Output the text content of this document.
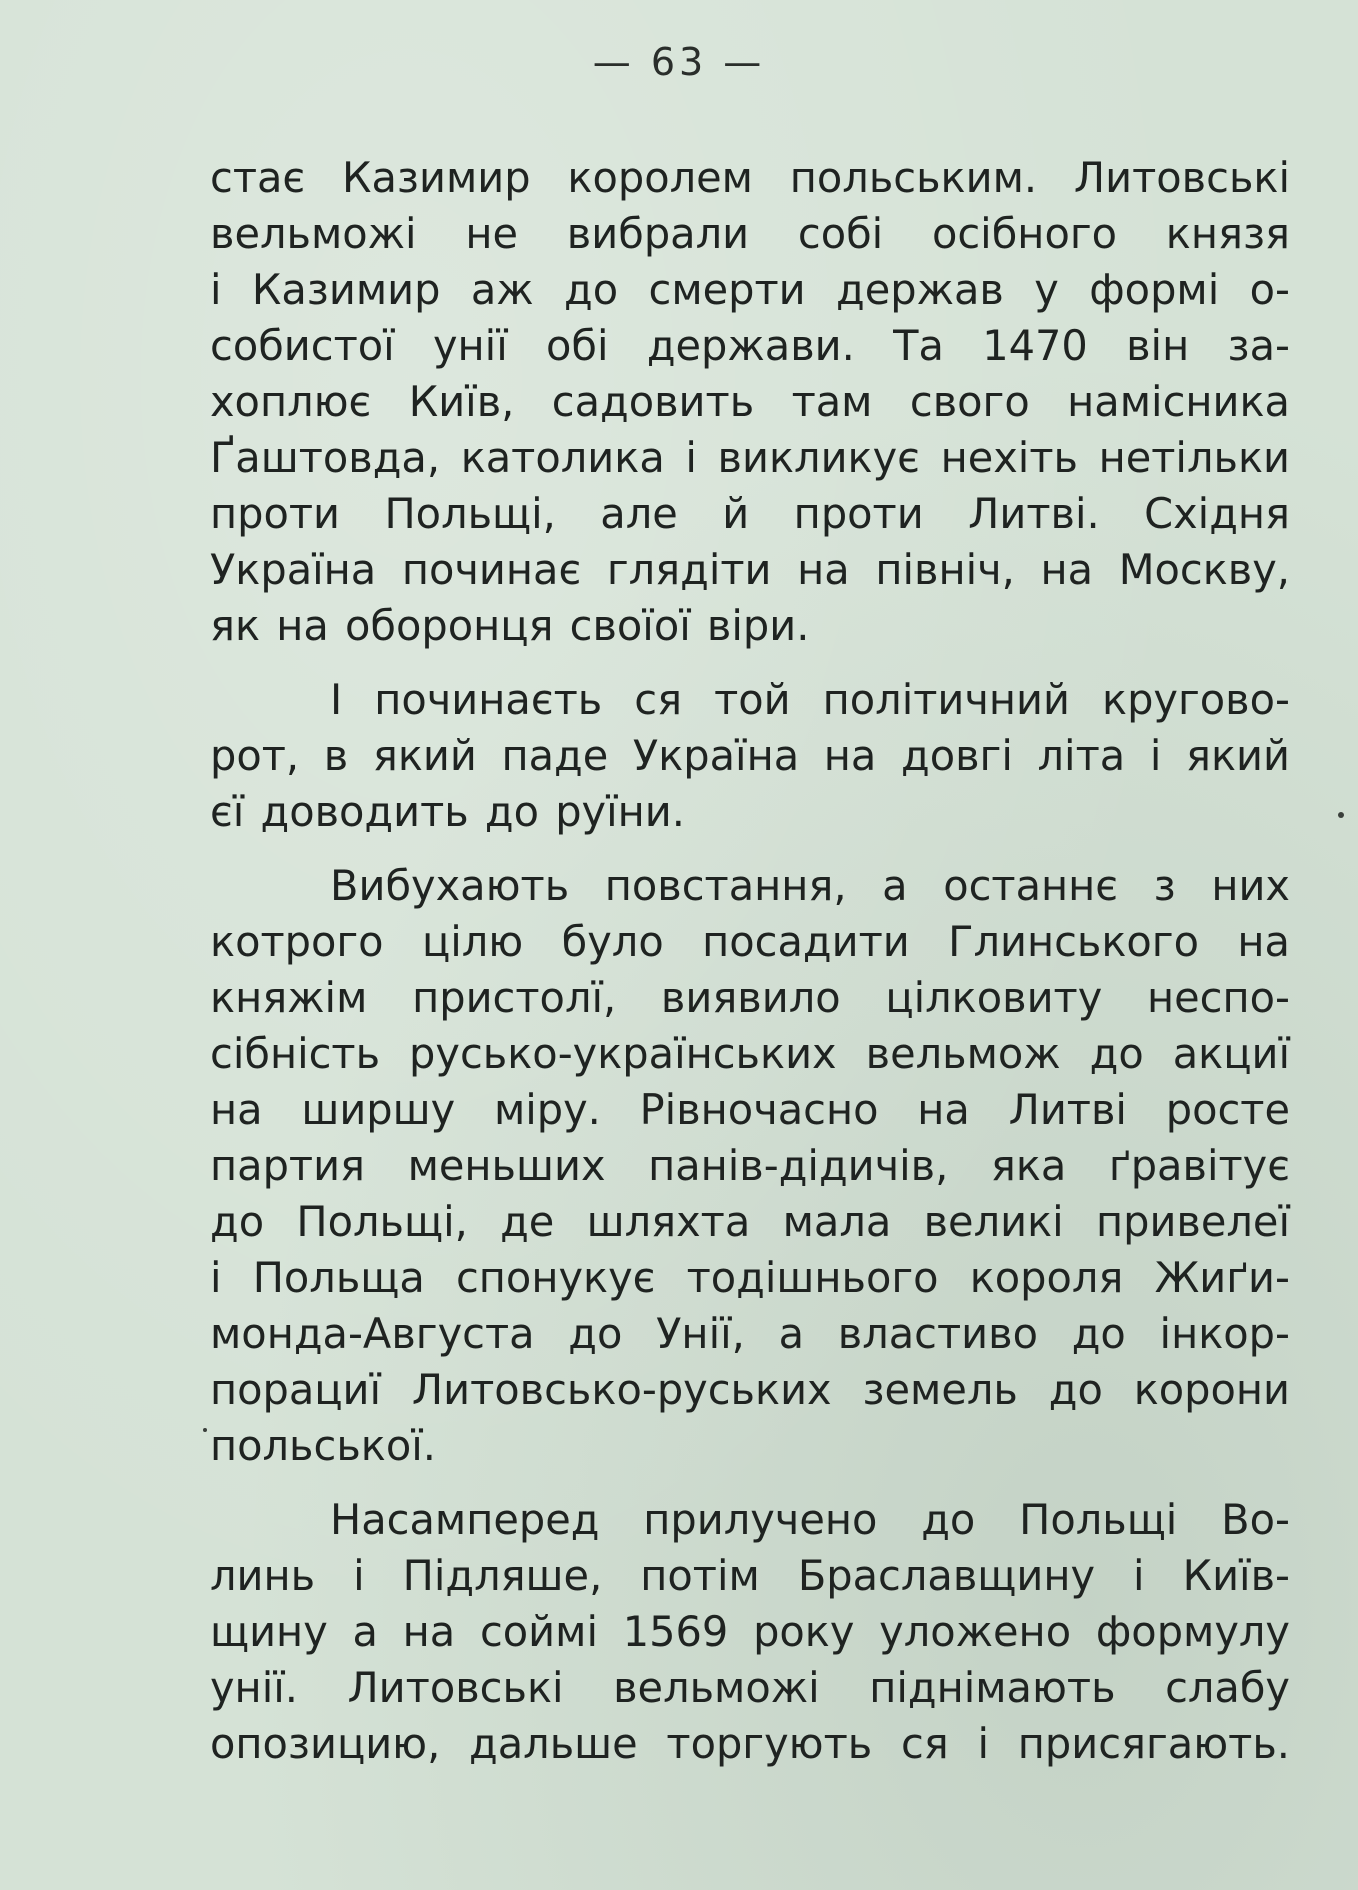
— 63 —

стає Казимир королем польським. Литовські
вельможі не вибрали собі осібного князя
і Казимир аж до смерти держав у формі о-
собистої унії обі держави. Та 1470 він за-
хоплює Київ, садовить там свого намісника
Ґаштовда, католика і викликує нехіть нетільки
проти Польщі, але й проти Литві. Східня
Україна починає глядіти на північ, на Москву,
як на оборонця своїої віри.

І починаєть ся той політичний кругово-
рот, в який паде Україна на довгі літа і який
єї доводить до руїни.

Вибухають повстання, а останнє з них
котрого цілю було посадити Глинського на
княжім пристолї, виявило цілковиту неспо-
сібність русько-українських вельмож до акциї
на ширшу міру. Рівночасно на Литві росте
партия меньших панів-дідичів, яка ґравітує
до Польщі, де шляхта мала великі привелеї
і Польща спонукує тодішнього короля Жиґи-
монда-Августа до Унії, а властиво до інкор-
порациї Литовсько-руських земель до корони
польської.

Насамперед прилучено до Польщі Во-
линь і Підляше, потім Браславщину і Київ-
щину а на соймі 1569 року уложено формулу
унії. Литовські вельможі піднімають слабу
опозицию, дальше торгують ся і присягають.
